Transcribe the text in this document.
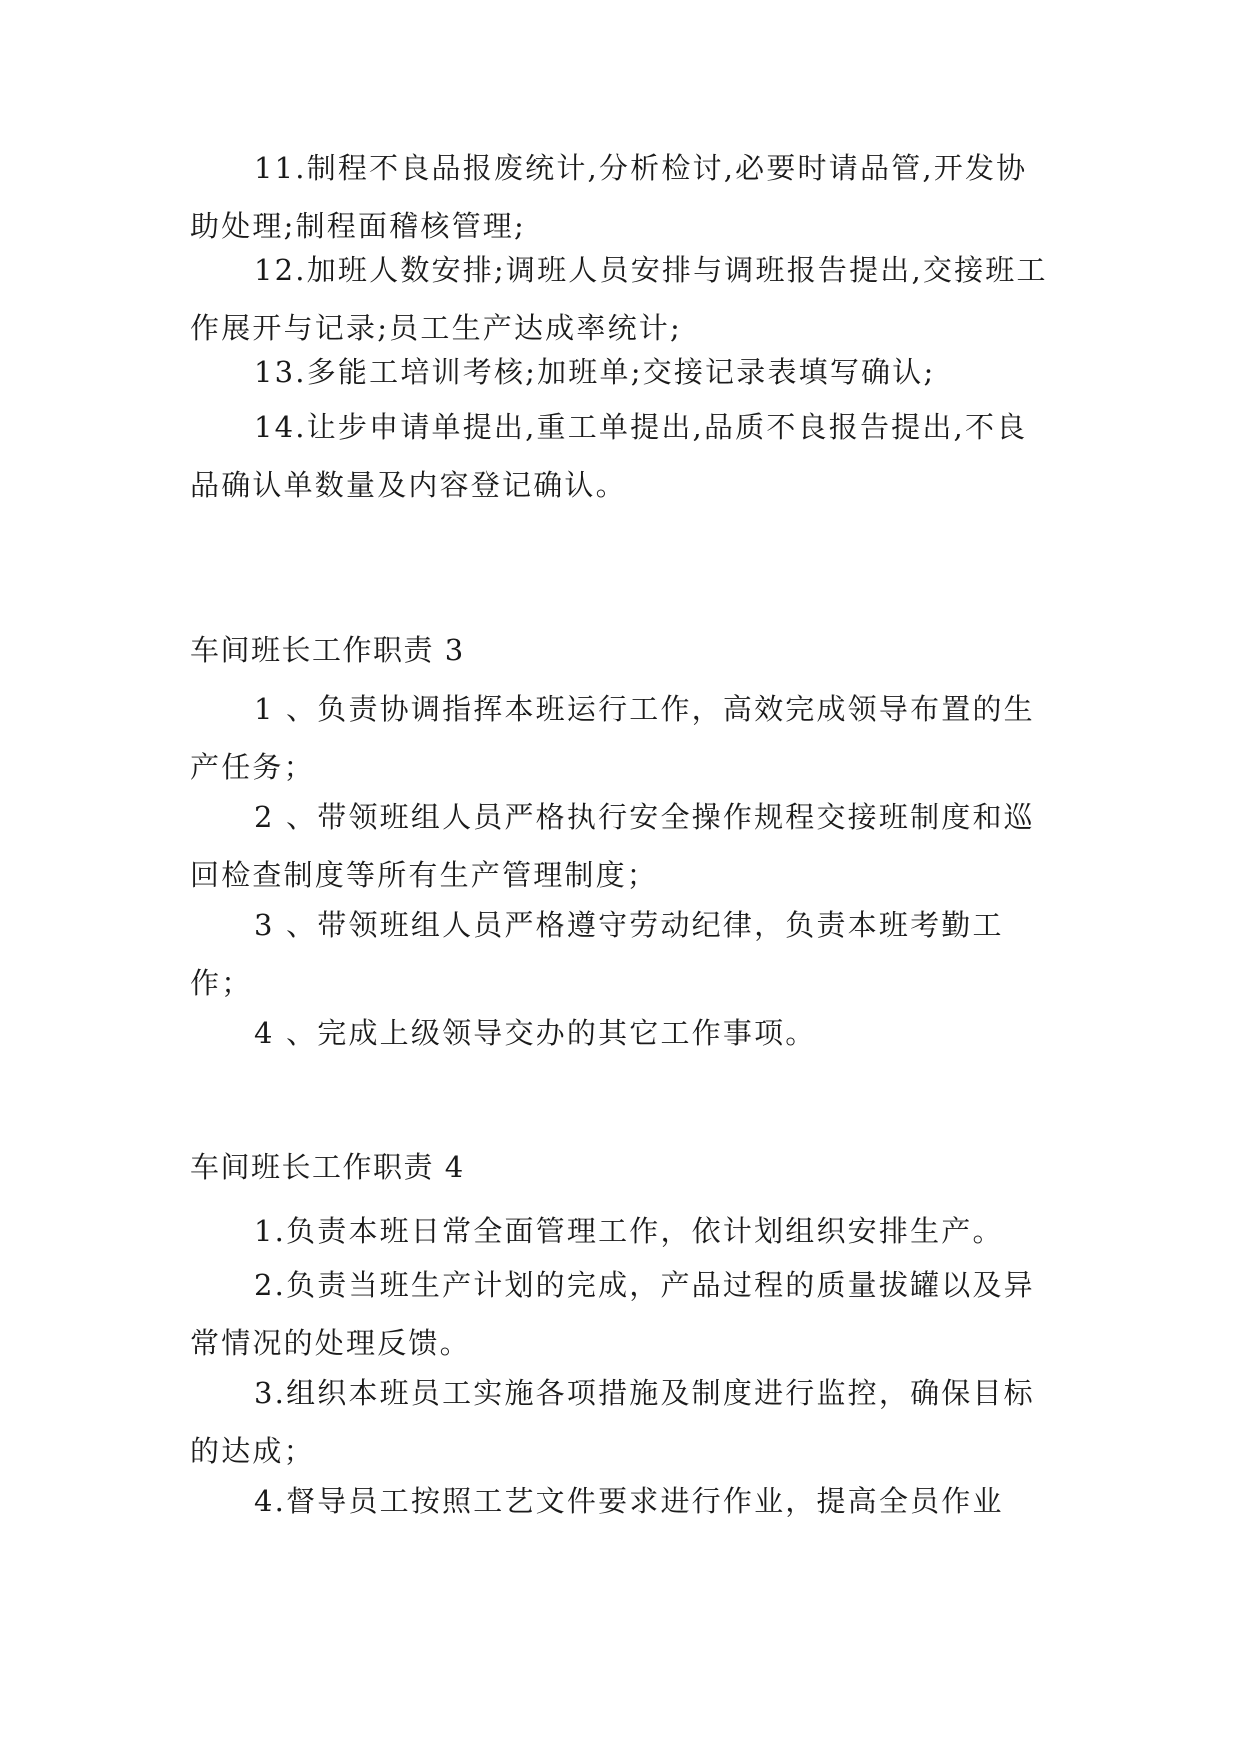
11.制程不良品报废统计,分析检讨,必要时请品管,开发协助处理;制程面稽核管理;

12.加班人数安排;调班人员安排与调班报告提出,交接班工作展开与记录;员工生产达成率统计;

13.多能工培训考核;加班单;交接记录表填写确认;

14.让步申请单提出,重工单提出,品质不良报告提出,不良品确认单数量及内容登记确认。

车间班长工作职责 3

1 、负责协调指挥本班运行工作，高效完成领导布置的生产任务；

2 、带领班组人员严格执行安全操作规程交接班制度和巡回检查制度等所有生产管理制度；

3 、带领班组人员严格遵守劳动纪律，负责本班考勤工作；

4 、完成上级领导交办的其它工作事项。

车间班长工作职责 4

1.负责本班日常全面管理工作，依计划组织安排生产。

2.负责当班生产计划的完成，产品过程的质量拔罐以及异常情况的处理反馈。

3.组织本班员工实施各项措施及制度进行监控，确保目标的达成；

4.督导员工按照工艺文件要求进行作业，提高全员作业
